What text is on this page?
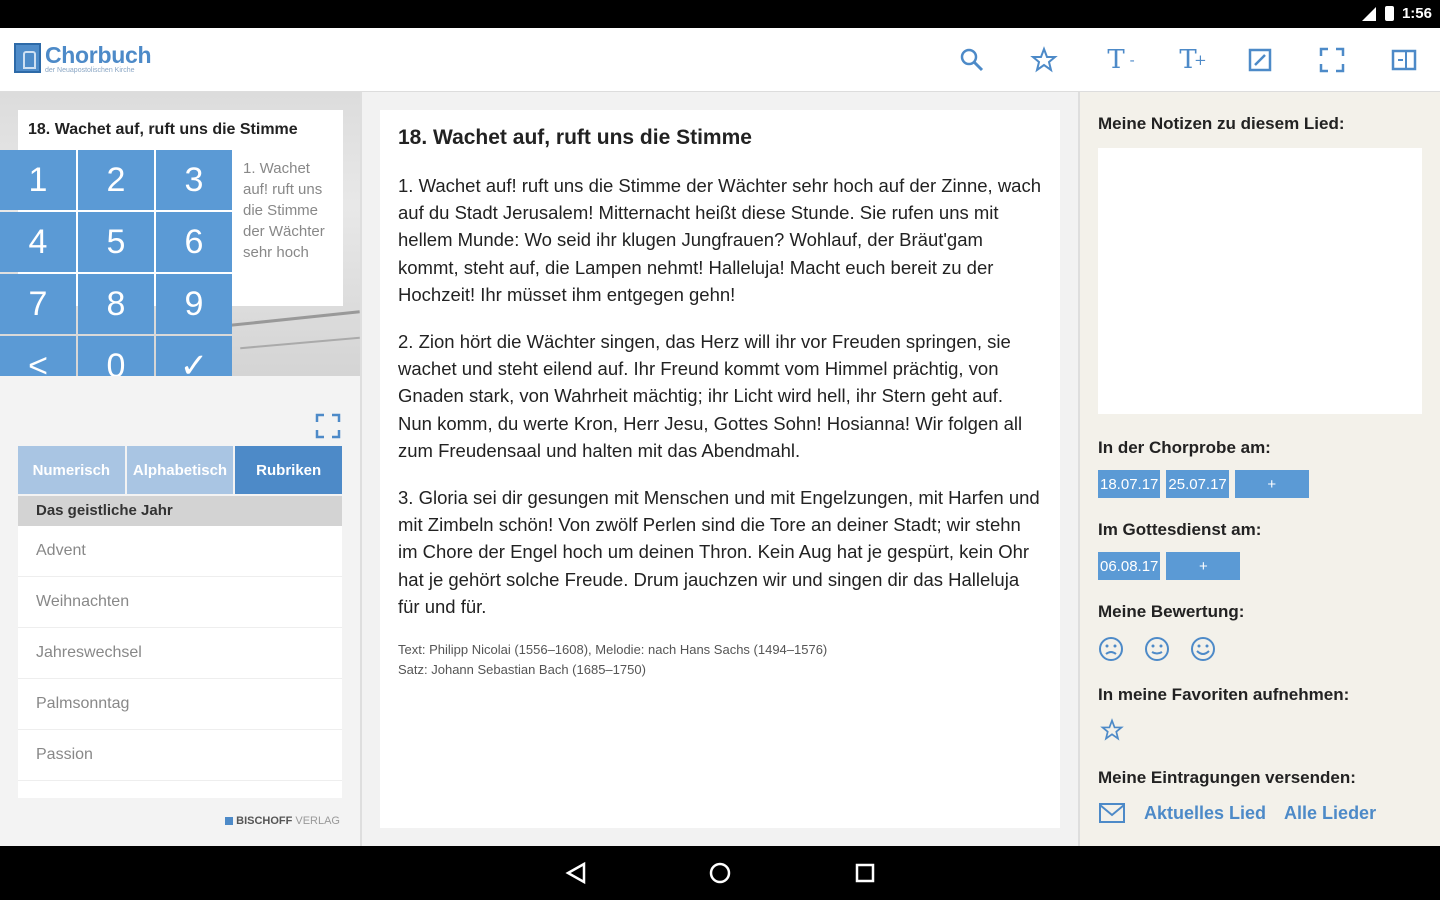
1:56
Chorbuch
der Neuapostolischen Kirche	T - T
+
18. Wachet auf, ruft uns die Stimme
1. Wachet auf! ruft uns die Stimme der Wächter sehr hoch
1	2	3
4	5	6
7	8	9
<	0	✓
Numerisch	Alphabetisch	Rubriken
Das geistliche Jahr
Advent
Weihnachten
Jahreswechsel
Palmsonntag
Passion
BISCHOFF VERLAG
18. Wachet auf, ruft uns die Stimme

1. Wachet auf! ruft uns die Stimme der Wächter sehr hoch auf der Zinne, wach auf du Stadt Jerusalem! Mitternacht heißt diese Stunde. Sie rufen uns mit hellem Munde: Wo seid ihr klugen Jungfrauen? Wohlauf, der Bräut'gam kommt, steht auf, die Lampen nehmt! Halleluja! Macht euch bereit zu der Hochzeit! Ihr müsset ihm entgegen gehn!

2. Zion hört die Wächter singen, das Herz will ihr vor Freuden springen, sie wachet und steht eilend auf. Ihr Freund kommt vom Himmel prächtig, von Gnaden stark, von Wahrheit mächtig; ihr Licht wird hell, ihr Stern geht auf. Nun komm, du werte Kron, Herr Jesu, Gottes Sohn! Hosianna! Wir folgen all zum Freudensaal und halten mit das Abendmahl.

3. Gloria sei dir gesungen mit Menschen und mit Engelzungen, mit Harfen und mit Zimbeln schön! Von zwölf Perlen sind die Tore an deiner Stadt; wir stehn im Chore der Engel hoch um deinen Thron. Kein Aug hat je gespürt, kein Ohr hat je gehört solche Freude. Drum jauchzen wir und singen dir das Halleluja für und für.

Text: Philipp Nicolai (1556–1608), Melodie: nach Hans Sachs (1494–1576)
Satz: Johann Sebastian Bach (1685–1750)
Meine Notizen zu diesem Lied:
In der Chorprobe am:
18.07.17 25.07.17	+
Im Gottesdienst am:
06.08.17	+
Meine Bewertung:
In meine Favoriten aufnehmen:
Meine Eintragungen versenden:
Aktuelles Lied Alle Lieder
